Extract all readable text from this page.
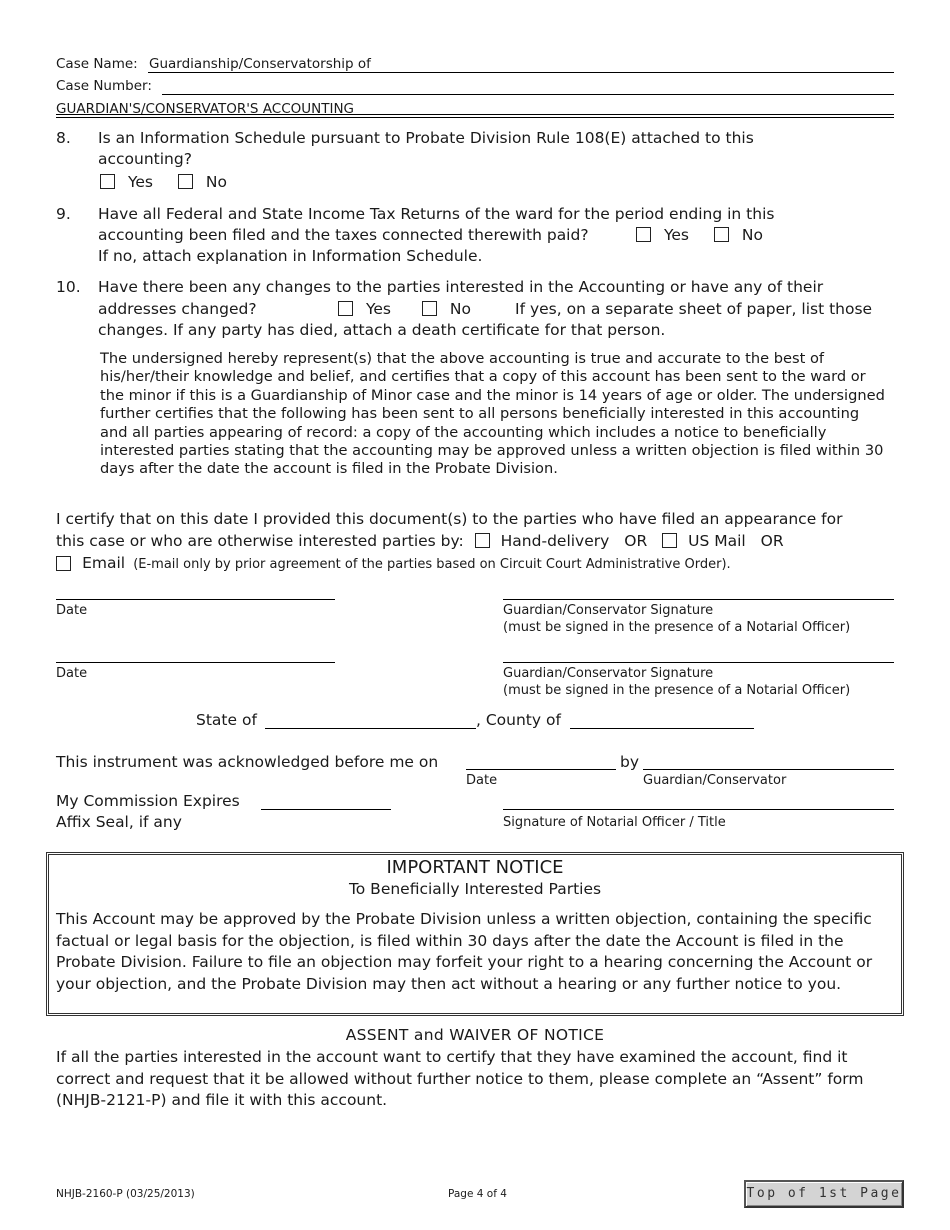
Case Name: Guardianship/Conservatorship of
Case Number:
GUARDIAN'S/CONSERVATOR'S ACCOUNTING
8. Is an Information Schedule pursuant to Probate Division Rule 108(E) attached to this accounting?
Yes	No
9. Have all Federal and State Income Tax Returns of the ward for the period ending in this
accounting been filed and the taxes connected therewith paid?	Yes	No
If no, attach explanation in Information Schedule.
10. Have there been any changes to the parties interested in the Accounting or have any of their
addresses changed?	Yes	No	If yes, on a separate sheet of paper, list those
changes. If any party has died, attach a death certificate for that person.
The undersigned hereby represent(s) that the above accounting is true and accurate to the best of his/her/their knowledge and belief, and certifies that a copy of this account has been sent to the ward or the minor if this is a Guardianship of Minor case and the minor is 14 years of age or older. The undersigned further certifies that the following has been sent to all persons beneficially interested in this accounting and all parties appearing of record: a copy of the accounting which includes a notice to beneficially interested parties stating that the accounting may be approved unless a written objection is filed within 30 days after the date the account is filed in the Probate Division.
I certify that on this date I provided this document(s) to the parties who have filed an appearance for
this case or who are otherwise interested parties by: Hand-delivery OR	US Mail OR
Email (E-mail only by prior agreement of the parties based on Circuit Court Administrative Order).
Date	Guardian/Conservator Signature
(must be signed in the presence of a Notarial Officer)
Date	Guardian/Conservator Signature
(must be signed in the presence of a Notarial Officer)
State of	, County of
This instrument was acknowledged before me on	by
Date	Guardian/Conservator
My Commission Expires
Affix Seal, if any	Signature of Notarial Officer / Title
IMPORTANT NOTICE
To Beneficially Interested Parties
This Account may be approved by the Probate Division unless a written objection, containing the specific factual or legal basis for the objection, is filed within 30 days after the date the Account is filed in the Probate Division. Failure to file an objection may forfeit your right to a hearing concerning the Account or your objection, and the Probate Division may then act without a hearing or any further notice to you.
ASSENT and WAIVER OF NOTICE
If all the parties interested in the account want to certify that they have examined the account, find it correct and request that it be allowed without further notice to them, please complete an “Assent” form (NHJB-2121-P) and file it with this account.
NHJB-2160-P (03/25/2013)	Page 4 of 4	Top of 1st Page
